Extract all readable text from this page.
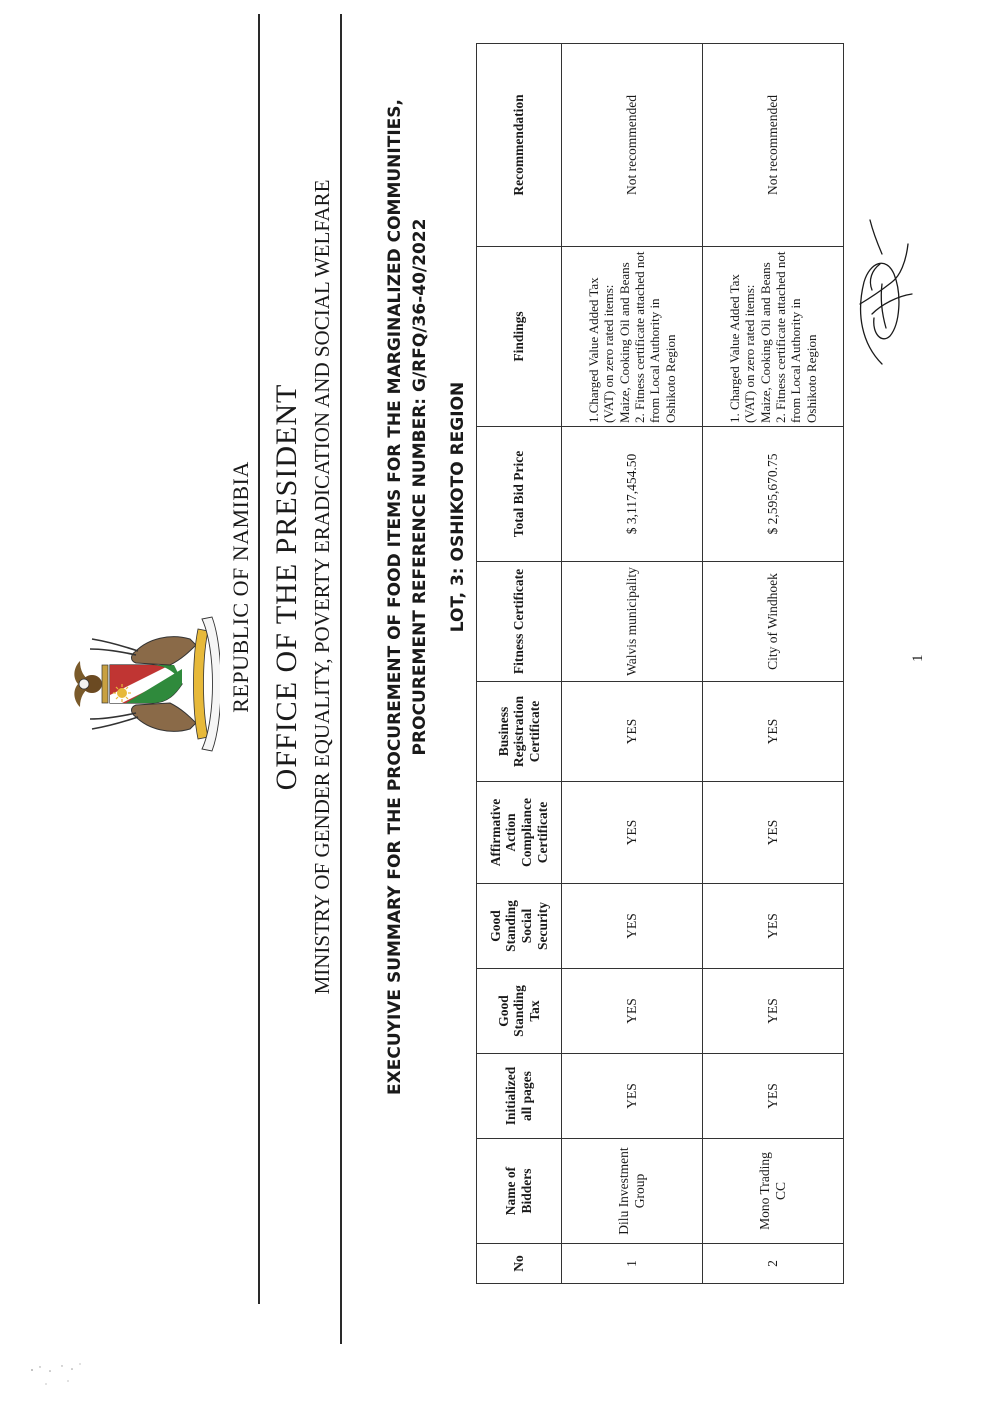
REPUBLIC OF NAMIBIA OFFICE OF THE PRESIDENT MINISTRY OF GENDER EQUALITY, POVERTY ERADICATION AND SOCIAL WELFARE	EXECUYIVE SUMMARY FOR THE PROCUREMENT OF FOOD ITEMS FOR THE MARGINALIZED COMMUNITIES, PROCUREMENT REFERENCE NUMBER: G/RFQ/36-40/2022 LOT, 3: OSHIKOTO REGION
No	Name of Bidders	Initialized all pages	Good Standing Tax	Good Standing Social Security	Affirmative Action Compliance Certificate	Business Registration Certificate	Fitness Certificate	Total Bid Price	Findings	Recommendation
1	Dilu Investment Group	YES	YES	YES	YES	YES	Walvis municipality	$ 3,117,454.50	1.Charged Value Added Tax (VAT) on zero rated items: Maize, Cooking Oil and Beans 2. Fitness certificate attached not from Local Authority in Oshikoto Region	Not recommended
2	Mono Trading CC	YES	YES	YES	YES	YES	City of Windhoek	$ 2,595,670.75	1. Charged Value Added Tax (VAT) on zero rated items: Maize, Cooking Oil and Beans 2. Fitness certificate attached not from Local Authority in Oshikoto Region	Not recommended
1
